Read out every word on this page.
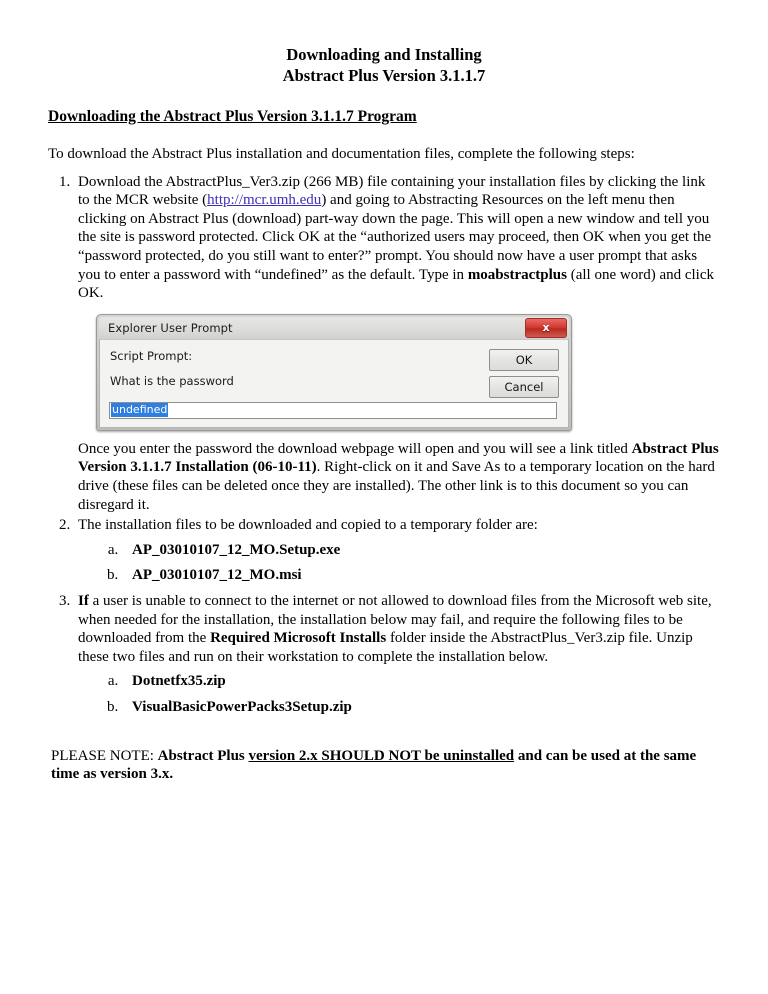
Downloading and Installing
Abstract Plus Version 3.1.1.7
Downloading the Abstract Plus Version 3.1.1.7 Program
To download the Abstract Plus installation and documentation files, complete the following steps:
1. Download the AbstractPlus_Ver3.zip (266 MB) file containing your installation files by clicking the link to the MCR website (http://mcr.umh.edu) and going to Abstracting Resources on the left menu then clicking on Abstract Plus (download) part-way down the page. This will open a new window and tell you the site is password protected. Click OK at the “authorized users may proceed, then OK when you get the “password protected, do you still want to enter?” prompt. You should now have a user prompt that asks you to enter a password with “undefined” as the default. Type in moabstractplus (all one word) and click OK.
Explorer User Prompt	x
Script Prompt:
What is the password
OK
Cancel
undefined
Once you enter the password the download webpage will open and you will see a link titled Abstract Plus Version 3.1.1.7 Installation (06-10-11). Right-click on it and Save As to a temporary location on the hard drive (these files can be deleted once they are installed). The other link is to this document so you can disregard it.
2. The installation files to be downloaded and copied to a temporary folder are:
a. AP_03010107_12_MO.Setup.exe
b. AP_03010107_12_MO.msi
3. If a user is unable to connect to the internet or not allowed to download files from the Microsoft web site, when needed for the installation, the installation below may fail, and require the following files to be downloaded from the Required Microsoft Installs folder inside the AbstractPlus_Ver3.zip file. Unzip these two files and run on their workstation to complete the installation below.
a. Dotnetfx35.zip
b. VisualBasicPowerPacks3Setup.zip
PLEASE NOTE: Abstract Plus version 2.x SHOULD NOT be uninstalled and can be used at the same time as version 3.x.
